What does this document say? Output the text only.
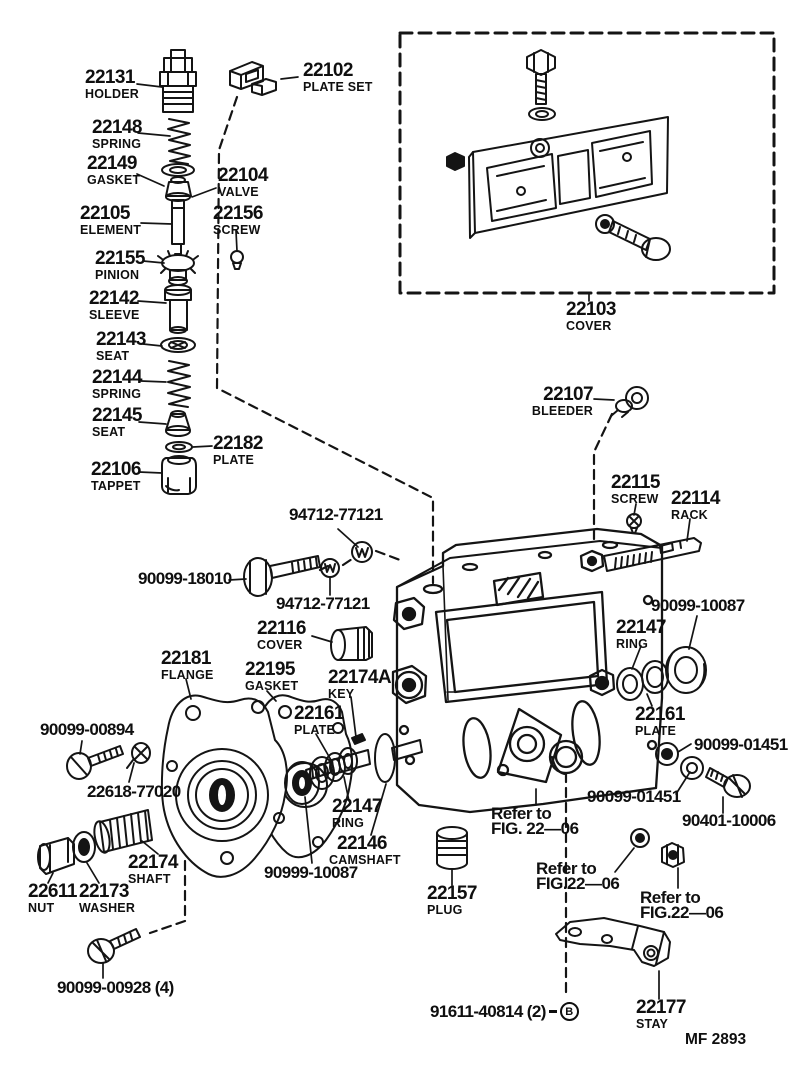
22131
HOLDER
22102
PLATE SET
22148
SPRING
22149
GASKET	22104
VALVE
22105
ELEMENT
22156
SCREW
22155
PINION
22142
SLEEVE
22143
SEAT
22144
SPRING
22145
SEAT
22182
PLATE
22106
TAPPET
22103
COVER
22107
BLEEDER
22115
SCREW 22114
RACK
94712-77121
90099-18010
94712-77121
22116
COVER
22181
FLANGE 22195
GASKET 22174A
KEY
22161
PLATE
90099-00894
22618-77020
22147
RING
22174
SHAFT
22611
NUT
22173
WASHER
90999-10087
22146
CAMSHAFT
22157
PLUG
90099-10087
22147
RING
22161
PLATE
90099-01451
90099-01451
90401-10006
Refer to
FIG. 22—06
Refer to
FIG.22—06
Refer to
FIG.22—06
22177
STAY
91611-40814 (2)	B
90099-00928 (4)
MF 2893
